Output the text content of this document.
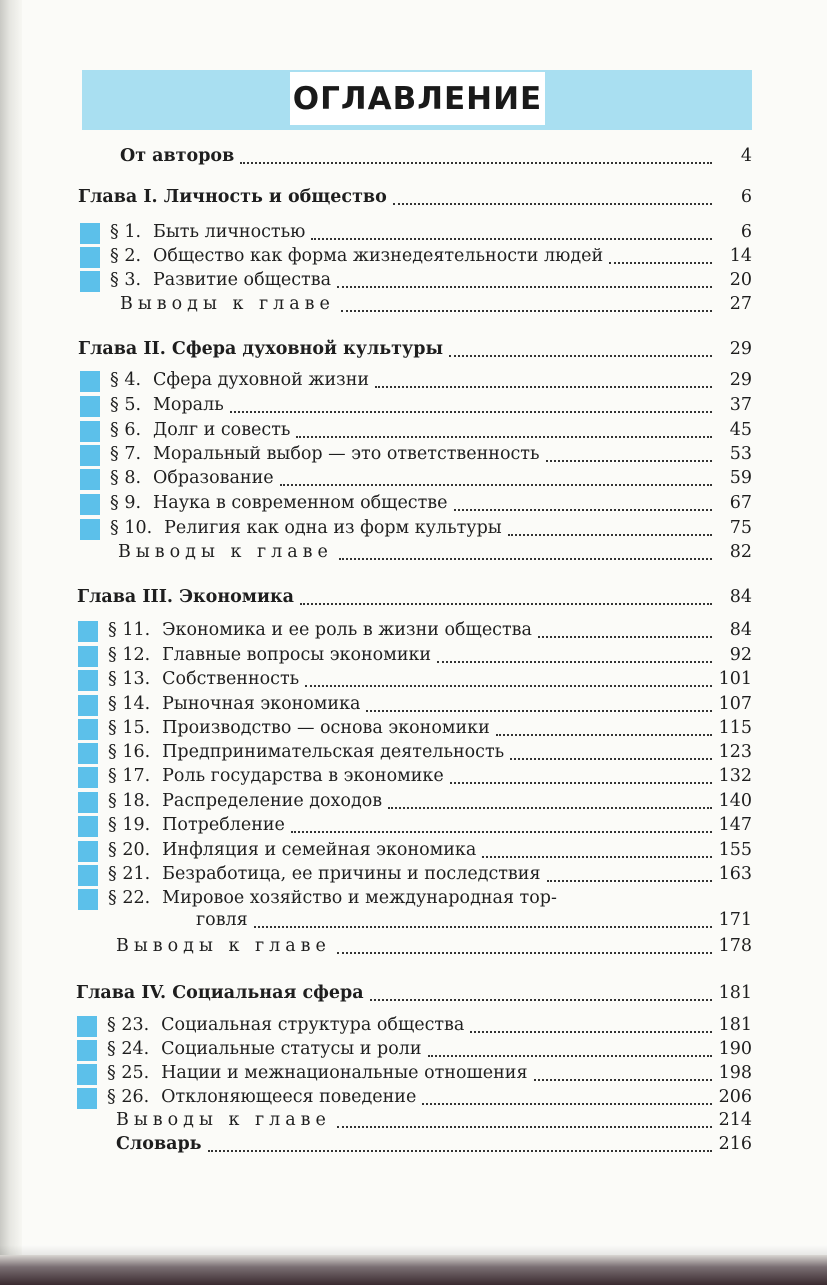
ОГЛАВЛЕНИЕ
От авторов	4
Глава I. Личность и общество	6
§ 1. Быть личностью	6
§ 2. Общество как форма жизнедеятельности людей	14
§ 3. Развитие общества	20
Выводы к главе	27
Глава II. Сфера духовной культуры	29
§ 4. Сфера духовной жизни	29
§ 5. Мораль	37
§ 6. Долг и совесть	45
§ 7. Моральный выбор — это ответственность	53
§ 8. Образование	59
§ 9. Наука в современном обществе	67
§ 10. Религия как одна из форм культуры	75
Выводы к главе	82
Глава III. Экономика	84
§ 11. Экономика и ее роль в жизни общества	84
§ 12. Главные вопросы экономики	92
§ 13. Собственность	101
§ 14. Рыночная экономика	107
§ 15. Производство — основа экономики	115
§ 16. Предпринимательская деятельность	123
§ 17. Роль государства в экономике	132
§ 18. Распределение доходов	140
§ 19. Потребление	147
§ 20. Инфляция и семейная экономика	155
§ 21. Безработица, ее причины и последствия	163
§ 22. Мировое хозяйство и международная тор-
говля	171
Выводы к главе	178
Глава IV. Социальная сфера	181
§ 23. Социальная структура общества	181
§ 24. Социальные статусы и роли	190
§ 25. Нации и межнациональные отношения	198
§ 26. Отклоняющееся поведение	206
Выводы к главе	214
Словарь	216
